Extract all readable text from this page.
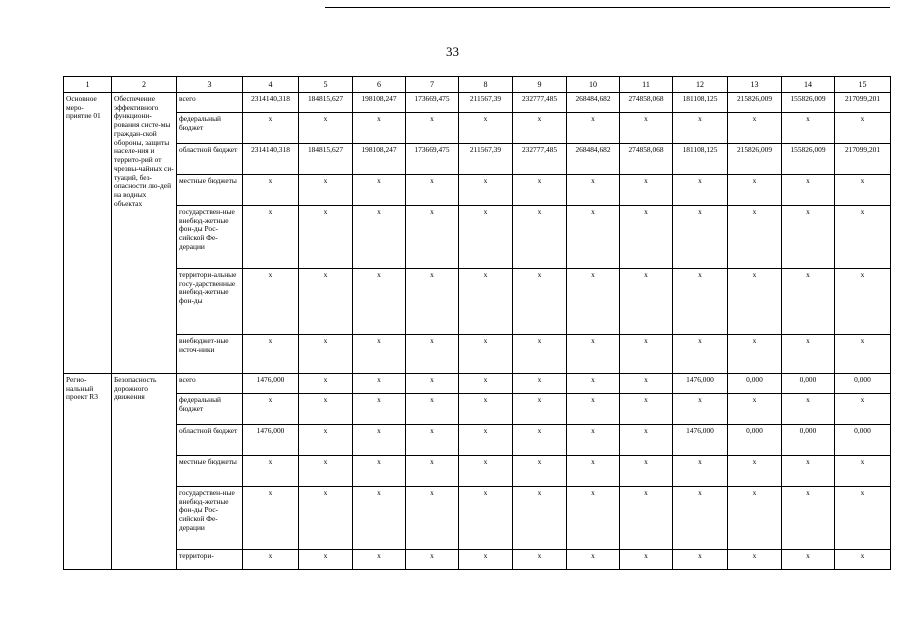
33
1	2	3	4	5	6	7	8	9	10	11	12	13	14	15
Основное меро-приятие 01	Обеспечение эффективного функциони-рования систе-мы граждан-ской обороны, защиты населе-ния и террито-рий от чрезвы-чайных си-туаций, без-опасности лю-дей на водных объектах	всего	2314140,318	184815,627	198108,247	173669,475	211567,39	232777,485	268484,682	274858,068	181108,125	215826,009	155826,009	217099,201
		федеральный бюджет	х	х	х	х	х	х	х	х	х	х	х	х
		областной бюджет	2314140,318	184815,627	198108,247	173669,475	211567,39	232777,485	268484,682	274858,068	181108,125	215826,009	155826,009	217099,201
		местные бюджеты	х	х	х	х	х	х	х	х	х	х	х	х
		государствен-ные внебюд-жетные фон-ды Рос-сийской Фе-дерации	х	х	х	х	х	х	х	х	х	х	х	х
		территори-альные госу-дарственные внебюд-жетные фон-ды	х	х	х	х	х	х	х	х	х	х	х	х
		внебюджет-ные источ-ники	х	х	х	х	х	х	х	х	х	х	х	х
Регио-нальный проект R3	Безопасность дорожного движения	всего	1476,000	х	х	х	х	х	х	х	1476,000	0,000	0,000	0,000
		федеральный бюджет	х	х	х	х	х	х	х	х	х	х	х	х
		областной бюджет	1476,000	х	х	х	х	х	х	х	1476,000	0,000	0,000	0,000
		местные бюджеты	х	х	х	х	х	х	х	х	х	х	х	х
		государствен-ные внебюд-жетные фон-ды Рос-сийской Фе-дерации	х	х	х	х	х	х	х	х	х	х	х	х
		территори-	х	х	х	х	х	х	х	х	х	х	х	х
